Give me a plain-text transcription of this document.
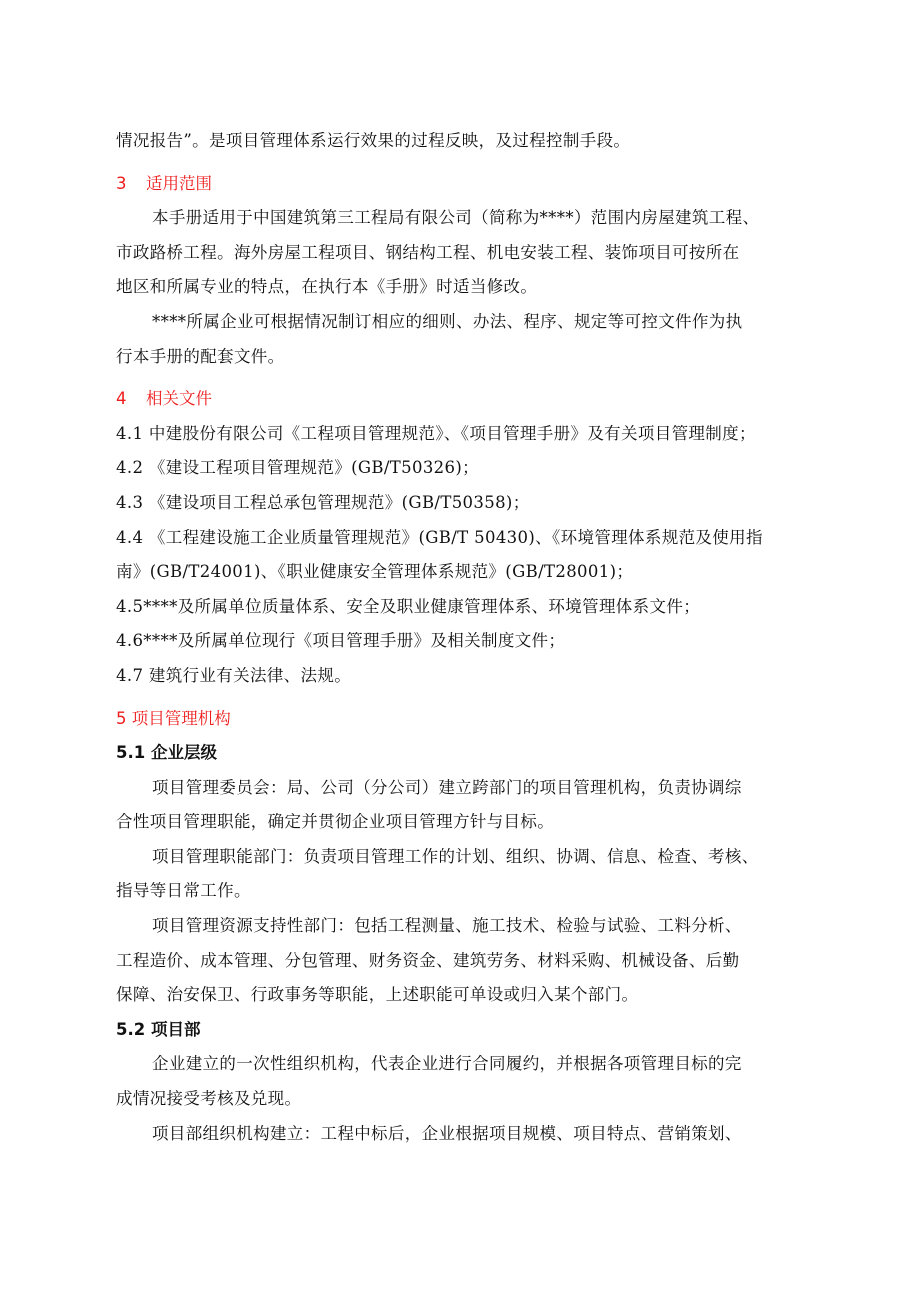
情况报告”。是项目管理体系运行效果的过程反映，及过程控制手段。

3 适用范围

本手册适用于中国建筑第三工程局有限公司（简称为****）范围内房屋建筑工程、

市政路桥工程。海外房屋工程项目、钢结构工程、机电安装工程、装饰项目可按所在

地区和所属专业的特点，在执行本《手册》时适当修改。

****所属企业可根据情况制订相应的细则、办法、程序、规定等可控文件作为执

行本手册的配套文件。

4 相关文件

4.1 中建股份有限公司《工程项目管理规范》、《项目管理手册》及有关项目管理制度；

4.2 《建设工程项目管理规范》(GB/T50326)；

4.3 《建设项目工程总承包管理规范》(GB/T50358)；

4.4 《工程建设施工企业质量管理规范》(GB/T 50430)、《环境管理体系规范及使用指

南》(GB/T24001)、《职业健康安全管理体系规范》(GB/T28001)；

4.5****及所属单位质量体系、安全及职业健康管理体系、环境管理体系文件；

4.6****及所属单位现行《项目管理手册》及相关制度文件；

4.7 建筑行业有关法律、法规。

5 项目管理机构

5.1 企业层级

项目管理委员会：局、公司（分公司）建立跨部门的项目管理机构，负责协调综

合性项目管理职能，确定并贯彻企业项目管理方针与目标。

项目管理职能部门：负责项目管理工作的计划、组织、协调、信息、检查、考核、

指导等日常工作。

项目管理资源支持性部门：包括工程测量、施工技术、检验与试验、工料分析、

工程造价、成本管理、分包管理、财务资金、建筑劳务、材料采购、机械设备、后勤

保障、治安保卫、行政事务等职能，上述职能可单设或归入某个部门。

5.2 项目部

企业建立的一次性组织机构，代表企业进行合同履约，并根据各项管理目标的完

成情况接受考核及兑现。

项目部组织机构建立：工程中标后，企业根据项目规模、项目特点、营销策划、
